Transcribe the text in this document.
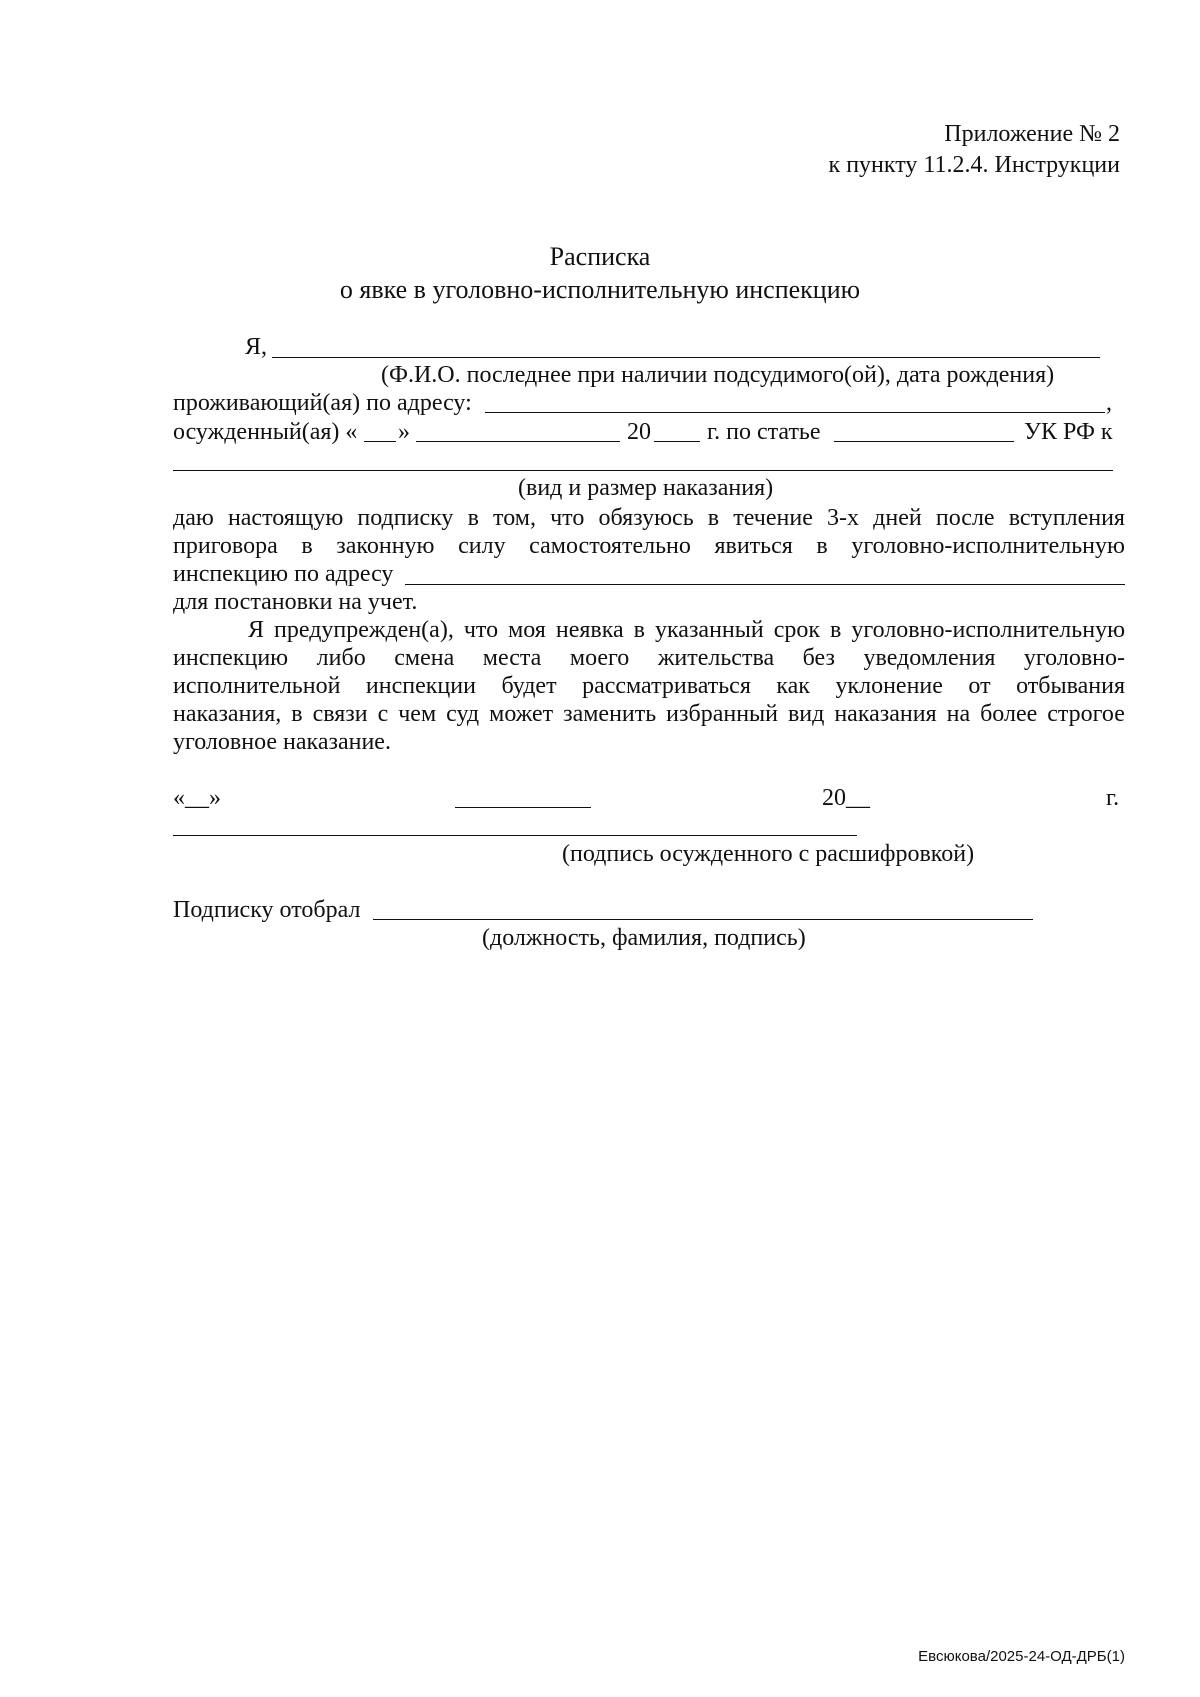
Приложение № 2
к пункту 11.2.4. Инструкции
Расписка
о явке в уголовно-исполнительную инспекцию
Я,
(Ф.И.О. последнее при наличии подсудимого(ой), дата рождения)
проживающий(ая) по адресу:	,
осужденный(ая) « »	20 г. по статье	УК РФ к
(вид и размер наказания)
даю настоящую подписку в том, что обязуюсь в течение 3-х дней после вступления
приговора в законную силу самостоятельно явиться в уголовно-исполнительную
инспекцию по адресу
для постановки на учет.
Я предупрежден(а), что моя неявка в указанный срок в уголовно-исполнительную
инспекцию либо смена места моего жительства без уведомления уголовно-
исполнительной инспекции будет рассматриваться как уклонение от отбывания
наказания, в связи с чем суд может заменить избранный вид наказания на более строгое
уголовное наказание.
«__»	20__	г.
(подпись осужденного с расшифровкой)
Подписку отобрал
(должность, фамилия, подпись)
Евсюкова/2025-24-ОД-ДРБ(1)
